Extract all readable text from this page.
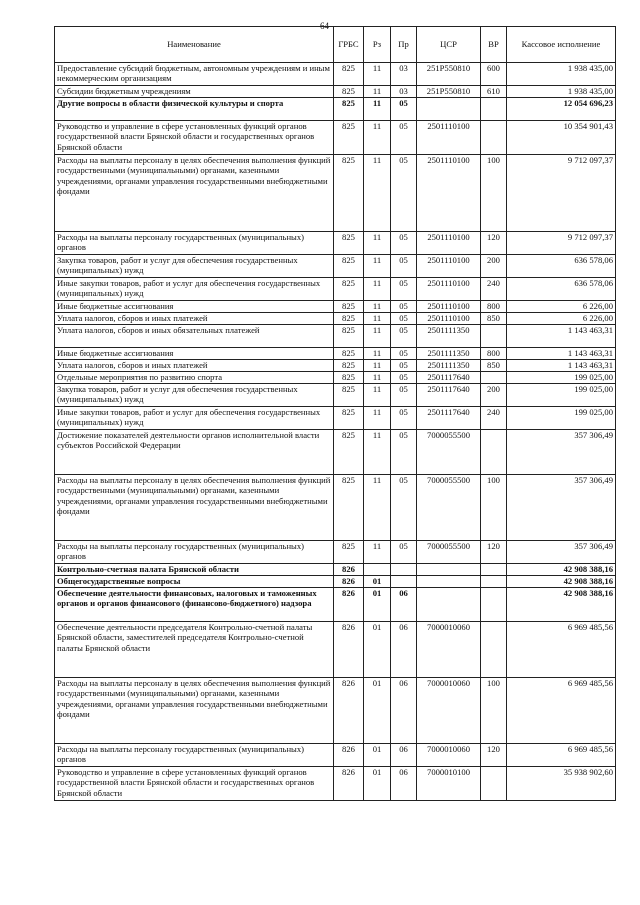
64
Наименование	ГРБС	Рз	Пр	ЦСР	ВР	Кассовое исполнение
Предоставление субсидий бюджетным, автономным учреждениям и иным некоммерческим организациям	825	11	03	251P550810	600	1 938 435,00
Субсидии бюджетным учреждениям	825	11	03	251P550810	610	1 938 435,00
Другие вопросы в области физической культуры и спорта	825	11	05			12 054 696,23
Руководство и управление в сфере установленных функций органов государственной власти Брянской области и государственных органов Брянской области	825	11	05	2501110100		10 354 901,43
Расходы на выплаты персоналу в целях обеспечения выполнения функций государственными (муниципальными) органами, казенными учреждениями, органами управления государственными внебюджетными фондами	825	11	05	2501110100	100	9 712 097,37
Расходы на выплаты персоналу государственных (муниципальных) органов	825	11	05	2501110100	120	9 712 097,37
Закупка товаров, работ и услуг для обеспечения государственных (муниципальных) нужд	825	11	05	2501110100	200	636 578,06
Иные закупки товаров, работ и услуг для обеспечения государственных (муниципальных) нужд	825	11	05	2501110100	240	636 578,06
Иные бюджетные ассигнования	825	11	05	2501110100	800	6 226,00
Уплата налогов, сборов и иных платежей	825	11	05	2501110100	850	6 226,00
Уплата налогов, сборов и иных обязательных платежей	825	11	05	2501111350		1 143 463,31
Иные бюджетные ассигнования	825	11	05	2501111350	800	1 143 463,31
Уплата налогов, сборов и иных платежей	825	11	05	2501111350	850	1 143 463,31
Отдельные мероприятия по развитию спорта	825	11	05	2501117640		199 025,00
Закупка товаров, работ и услуг для обеспечения государственных (муниципальных) нужд	825	11	05	2501117640	200	199 025,00
Иные закупки товаров, работ и услуг для обеспечения государственных (муниципальных) нужд	825	11	05	2501117640	240	199 025,00
Достижение показателей деятельности органов исполнительной власти субъектов Российской Федерации	825	11	05	7000055500		357 306,49
Расходы на выплаты персоналу в целях обеспечения выполнения функций государственными (муниципальными) органами, казенными учреждениями, органами управления государственными внебюджетными фондами	825	11	05	7000055500	100	357 306,49
Расходы на выплаты персоналу государственных (муниципальных) органов	825	11	05	7000055500	120	357 306,49
Контрольно-счетная палата Брянской области	826					42 908 388,16
Общегосударственные вопросы	826	01				42 908 388,16
Обеспечение деятельности финансовых, налоговых и таможенных органов и органов финансового (финансово-бюджетного) надзора	826	01	06			42 908 388,16
Обеспечение деятельности председателя Контрольно-счетной палаты Брянской области, заместителей председателя Контрольно-счетной палаты Брянской области	826	01	06	7000010060		6 969 485,56
Расходы на выплаты персоналу в целях обеспечения выполнения функций государственными (муниципальными) органами, казенными учреждениями, органами управления государственными внебюджетными фондами	826	01	06	7000010060	100	6 969 485,56
Расходы на выплаты персоналу государственных (муниципальных) органов	826	01	06	7000010060	120	6 969 485,56
Руководство и управление в сфере установленных функций органов государственной власти Брянской области и государственных органов Брянской области	826	01	06	7000010100		35 938 902,60
